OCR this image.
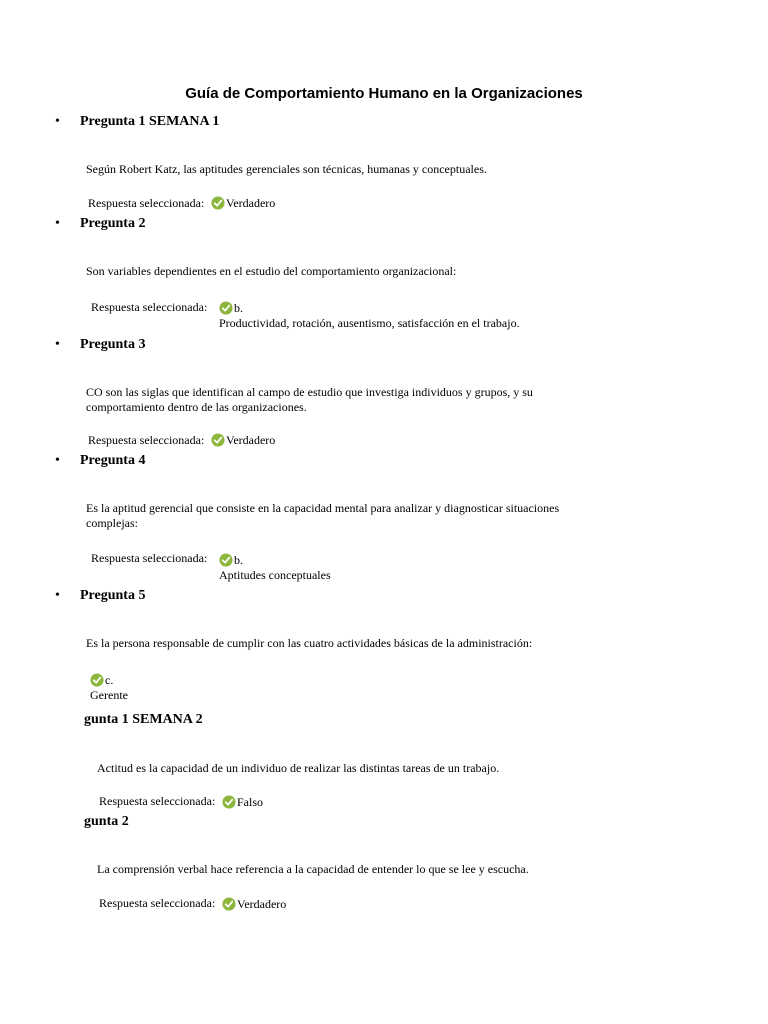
Guía de Comportamiento Humano en la Organizaciones
• Pregunta 1 SEMANA 1
Según Robert Katz, las aptitudes gerenciales son técnicas, humanas y conceptuales.
Respuesta seleccionada:	Verdadero
• Pregunta 2
Son variables dependientes en el estudio del comportamiento organizacional:
Respuesta seleccionada:	b.
Productividad, rotación, ausentismo, satisfacción en el trabajo.
• Pregunta 3
CO son las siglas que identifican al campo de estudio que investiga individuos y grupos, y su comportamiento dentro de las organizaciones.
Respuesta seleccionada:	Verdadero
• Pregunta 4
Es la aptitud gerencial que consiste en la capacidad mental para analizar y diagnosticar situaciones complejas:
Respuesta seleccionada:	b.
Aptitudes conceptuales
• Pregunta 5
Es la persona responsable de cumplir con las cuatro actividades básicas de la administración:
c.
Gerente
gunta 1 SEMANA 2
Actitud es la capacidad de un individuo de realizar las distintas tareas de un trabajo.
Respuesta seleccionada:	Falso
gunta 2
La comprensión verbal hace referencia a la capacidad de entender lo que se lee y escucha.
Respuesta seleccionada:	Verdadero
